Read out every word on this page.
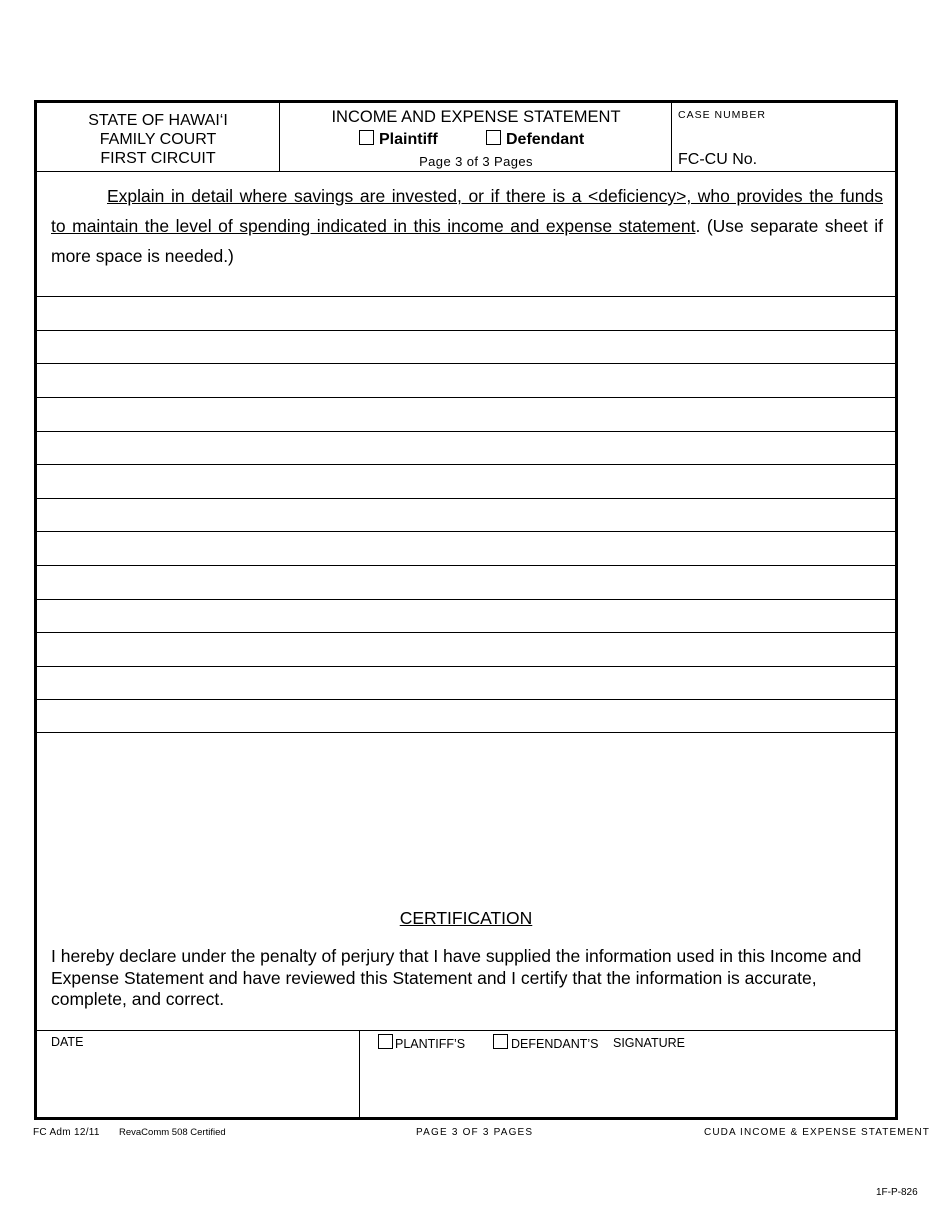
STATE OF HAWAI‘I
FAMILY COURT
FIRST CIRCUIT
INCOME AND EXPENSE STATEMENT
Plaintiff	Defendant
Page 3 of 3 Pages
CASE NUMBER
FC-CU No.
Explain in detail where savings are invested, or if there is a <deficiency>, who provides the funds
to maintain the level of spending indicated in this income and expense statement. (Use separate sheet if more space is needed.)
CERTIFICATION
I hereby declare under the penalty of perjury that I have supplied the information used in this Income and Expense Statement and have reviewed this Statement and I certify that the information is accurate, complete, and correct.
DATE	PLANTIFF’S	DEFENDANT’S SIGNATURE
FC Adm 12/11 RevaComm 508 Certified	PAGE 3 OF 3 PAGES	CUDA INCOME & EXPENSE STATEMENT
1F-P-826
